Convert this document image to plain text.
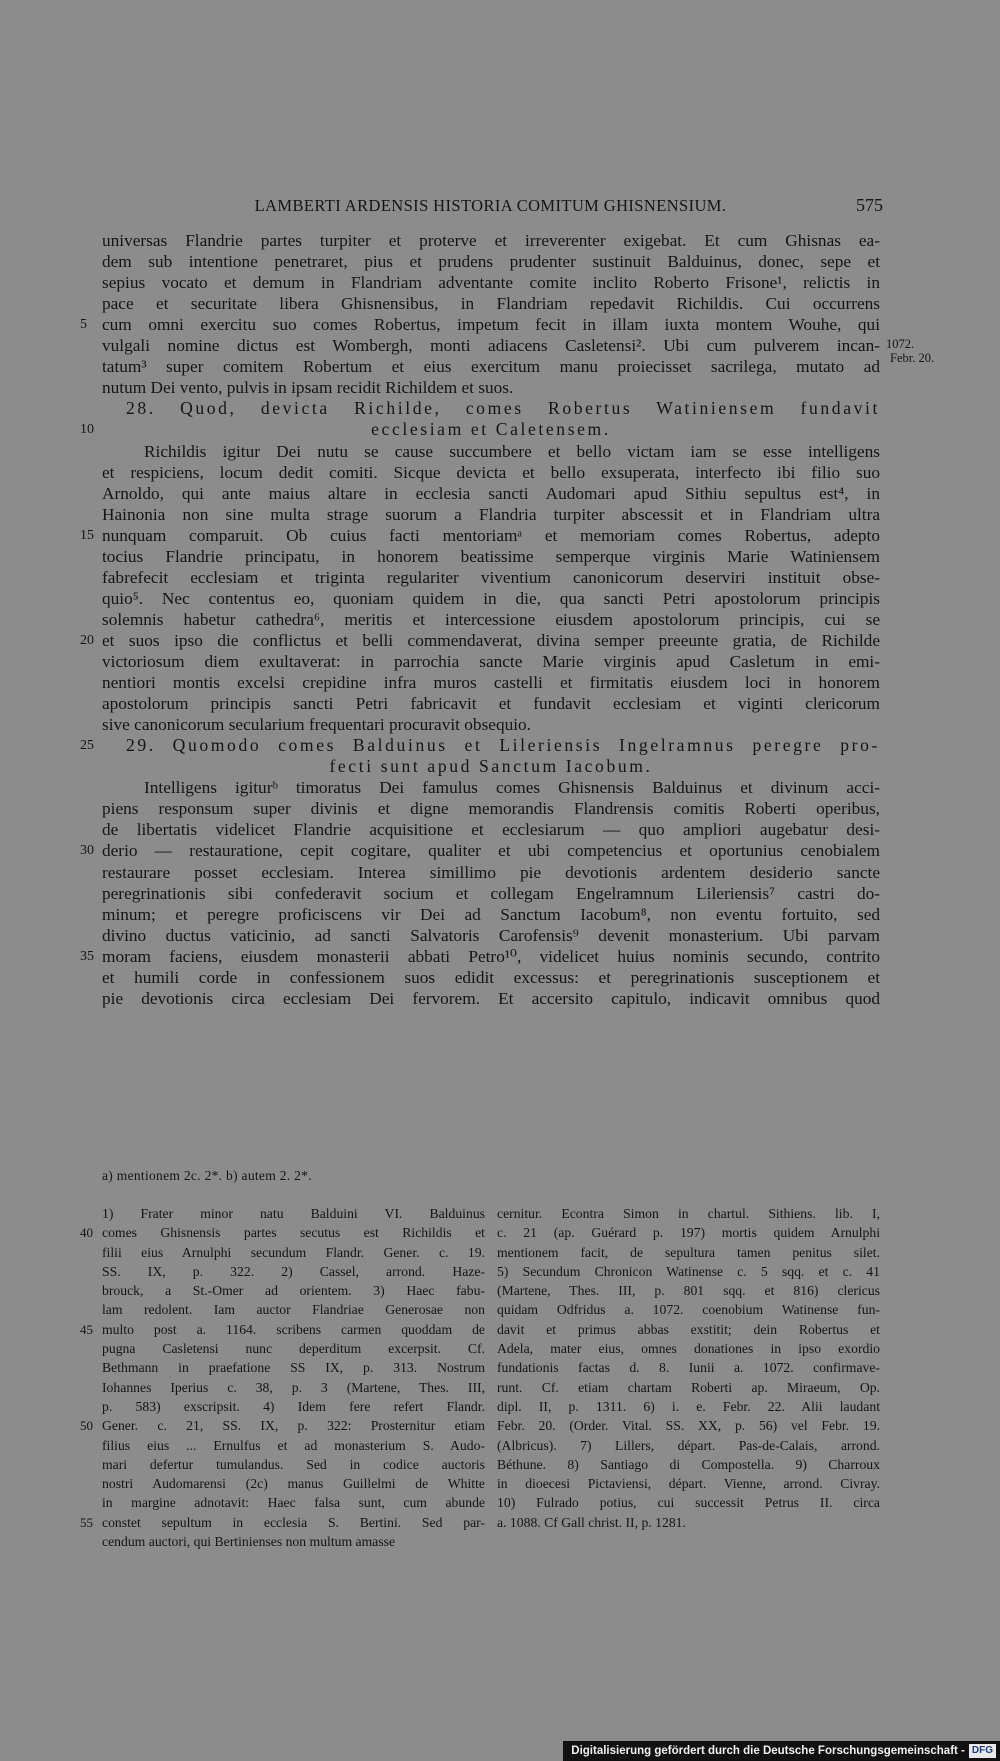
LAMBERTI ARDENSIS HISTORIA COMITUM GHISNENSIUM.	575
universas Flandrie partes turpiter et proterve et irreverenter exigebat. Et cum Ghisnas ea-
dem sub intentione penetraret, pius et prudens prudenter sustinuit Balduinus, donec, sepe et
sepius vocato et demum in Flandriam adventante comite inclito Roberto Frisone¹, relictis in
pace et securitate libera Ghisnensibus, in Flandriam repedavit Richildis. Cui occurrens
cum omni exercitu suo comes Robertus, impetum fecit in illam iuxta montem Wouhe, qui
5
vulgali nomine dictus est Wombergh, monti adiacens Casletensi². Ubi cum pulverem incan-
tatum³ super comitem Robertum et eius exercitum manu proiecisset sacrilega, mutato ad
nutum Dei vento, pulvis in ipsam recidit Richildem et suos.
28. Quod, devicta Richilde, comes Robertus Watiniensem fundavit
ecclesiam et Caletensem.
10
Richildis igitur Dei nutu se cause succumbere et bello victam iam se esse intelligens
et respiciens, locum dedit comiti. Sicque devicta et bello exsuperata, interfecto ibi filio suo
Arnoldo, qui ante maius altare in ecclesia sancti Audomari apud Sithiu sepultus est⁴, in
Hainonia non sine multa strage suorum a Flandria turpiter abscessit et in Flandriam ultra
nunquam comparuit. Ob cuius facti mentoriamᵃ et memoriam comes Robertus, adepto
15
tocius Flandrie principatu, in honorem beatissime semperque virginis Marie Watiniensem
fabrefecit ecclesiam et triginta regulariter viventium canonicorum deserviri instituit obse-
quio⁵. Nec contentus eo, quoniam quidem in die, qua sancti Petri apostolorum principis
solemnis habetur cathedra⁶, meritis et intercessione eiusdem apostolorum principis, cui se
et suos ipso die conflictus et belli commendaverat, divina semper preeunte gratia, de Richilde
20
victoriosum diem exultaverat: in parrochia sancte Marie virginis apud Casletum in emi-
nentiori montis excelsi crepidine infra muros castelli et firmitatis eiusdem loci in honorem
apostolorum principis sancti Petri fabricavit et fundavit ecclesiam et viginti clericorum
sive canonicorum secularium frequentari procuravit obsequio.
29. Quomodo comes Balduinus et Lileriensis Ingelramnus peregre pro-
25
fecti sunt apud Sanctum Iacobum.
Intelligens igiturᵇ timoratus Dei famulus comes Ghisnensis Balduinus et divinum acci-
piens responsum super divinis et digne memorandis Flandrensis comitis Roberti operibus,
de libertatis videlicet Flandrie acquisitione et ecclesiarum — quo ampliori augebatur desi-
derio — restauratione, cepit cogitare, qualiter et ubi competencius et oportunius cenobialem
30
restaurare posset ecclesiam. Interea simillimo pie devotionis ardentem desiderio sancte
peregrinationis sibi confederavit socium et collegam Engelramnum Lileriensis⁷ castri do-
minum; et peregre proficiscens vir Dei ad Sanctum Iacobum⁸, non eventu fortuito, sed
divino ductus vaticinio, ad sancti Salvatoris Carofensis⁹ devenit monasterium. Ubi parvam
moram faciens, eiusdem monasterii abbati Petro¹⁰, videlicet huius nominis secundo, contrito
35
et humili corde in confessionem suos edidit excessus: et peregrinationis susceptionem et
pie devotionis circa ecclesiam Dei fervorem. Et accersito capitulo, indicavit omnibus quod
1072.
Febr. 20.
a) mentionem 2c. 2*. b) autem 2. 2*.
1) Frater minor natu Balduini VI. Balduinus
comes Ghisnensis partes secutus est Richildis et
filii eius Arnulphi secundum Flandr. Gener. c. 19.
SS. IX, p. 322. 2) Cassel, arrond. Haze-
brouck, a St.-Omer ad orientem. 3) Haec fabu-
lam redolent. Iam auctor Flandriae Generosae non
multo post a. 1164. scribens carmen quoddam de
pugna Casletensi nunc deperditum excerpsit. Cf.
Bethmann in praefatione SS IX, p. 313. Nostrum
Iohannes Iperius c. 38, p. 3 (Martene, Thes. III,
p. 583) exscripsit. 4) Idem fere refert Flandr.
Gener. c. 21, SS. IX, p. 322: Prosternitur etiam
filius eius ... Ernulfus et ad monasterium S. Audo-
mari defertur tumulandus. Sed in codice auctoris
nostri Audomarensi (2c) manus Guillelmi de Whitte
in margine adnotavit: Haec falsa sunt, cum abunde
constet sepultum in ecclesia S. Bertini. Sed par-
cendum auctori, qui Bertinienses non multum amasse
cernitur. Econtra Simon in chartul. Sithiens. lib. I,
c. 21 (ap. Guérard p. 197) mortis quidem Arnulphi
mentionem facit, de sepultura tamen penitus silet.
5) Secundum Chronicon Watinense c. 5 sqq. et c. 41
(Martene, Thes. III, p. 801 sqq. et 816) clericus
quidam Odfridus a. 1072. coenobium Watinense fun-
davit et primus abbas exstitit; dein Robertus et
Adela, mater eius, omnes donationes in ipso exordio
fundationis factas d. 8. Iunii a. 1072. confirmave-
runt. Cf. etiam chartam Roberti ap. Miraeum, Op.
dipl. II, p. 1311. 6) i. e. Febr. 22. Alii laudant
Febr. 20. (Order. Vital. SS. XX, p. 56) vel Febr. 19.
(Albricus). 7) Lillers, départ. Pas-de-Calais, arrond.
Béthune. 8) Santiago di Compostella. 9) Charroux
in dioecesi Pictaviensi, départ. Vienne, arrond. Civray.
10) Fulrado potius, cui successit Petrus II. circa
a. 1088. Cf Gall christ. II, p. 1281.
40
45
50
55
Digitalisierung gefördert durch die Deutsche Forschungsgemeinschaft - DFG
